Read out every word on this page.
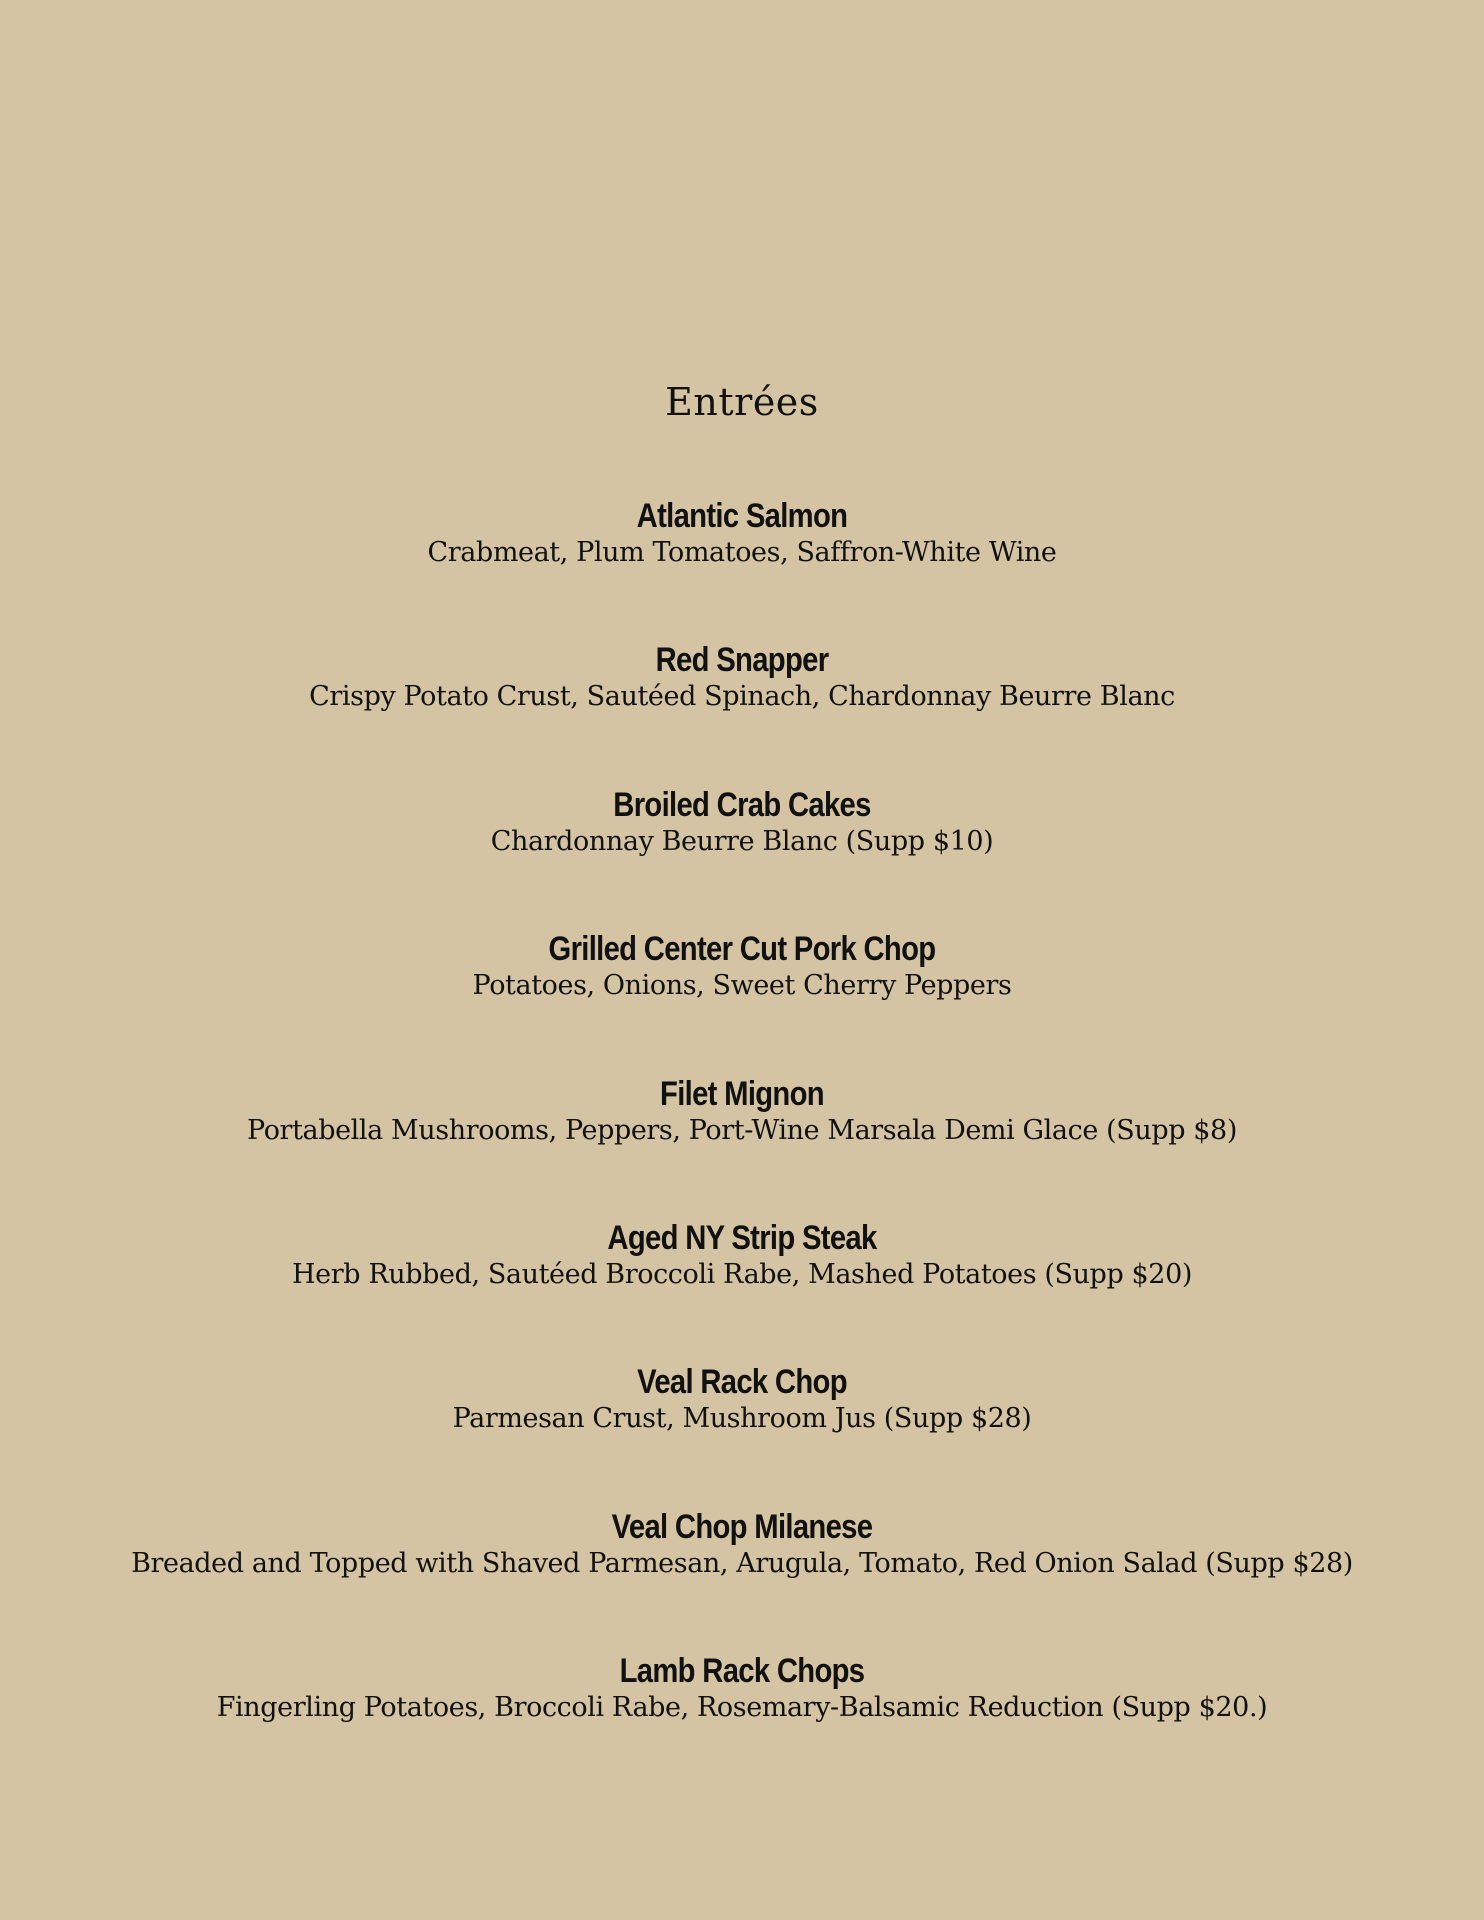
Entrées
Atlantic Salmon
Crabmeat, Plum Tomatoes, Saffron-White Wine
Red Snapper
Crispy Potato Crust, Sautéed Spinach, Chardonnay Beurre Blanc
Broiled Crab Cakes
Chardonnay Beurre Blanc (Supp $10)
Grilled Center Cut Pork Chop
Potatoes, Onions, Sweet Cherry Peppers
Filet Mignon
Portabella Mushrooms, Peppers, Port-Wine Marsala Demi Glace (Supp $8)
Aged NY Strip Steak
Herb Rubbed, Sautéed Broccoli Rabe, Mashed Potatoes (Supp $20)
Veal Rack Chop
Parmesan Crust, Mushroom Jus (Supp $28)
Veal Chop Milanese
Breaded and Topped with Shaved Parmesan, Arugula, Tomato, Red Onion Salad (Supp $28)
Lamb Rack Chops
Fingerling Potatoes, Broccoli Rabe, Rosemary-Balsamic Reduction (Supp $20.)
